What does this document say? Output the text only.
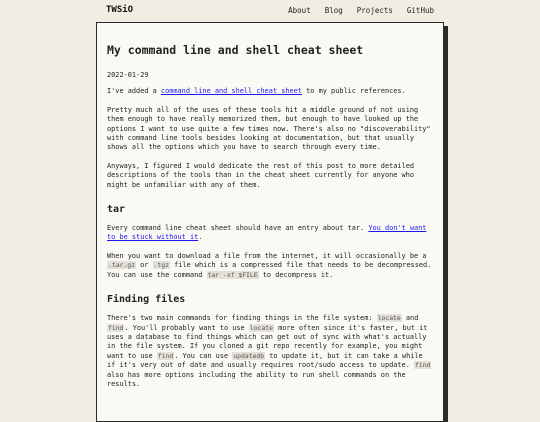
TWSiO	About Blog Projects GitHub
My command line and shell cheat sheet

2022-01-29

I've added a command line and shell cheat sheet to my public references.

Pretty much all of the uses of these tools hit a middle ground of not using them enough to have really memorized them, but enough to have looked up the options I want to use quite a few times now. There's also no "discoverability" with command line tools besides looking at documentation, but that usually shows all the options which you have to search through every time.

Anyways, I figured I would dedicate the rest of this post to more detailed descriptions of the tools than in the cheat sheet currently for anyone who might be unfamiliar with any of them.

tar

Every command line cheat sheet should have an entry about tar. You don't want to be stuck without it.

When you want to download a file from the internet, it will occasionally be a .tar.gz or .tgz file which is a compressed file that needs to be decompressed. You can use the command tar -xf $FILE to decompress it.

Finding files

There's two main commands for finding things in the file system: locate and find. You'll probably want to use locate more often since it's faster, but it uses a database to find things which can get out of sync with what's actually in the file system. If you cloned a git repo recently for example, you might want to use find. You can use updatedb to update it, but it can take a while if it's very out of date and usually requires root/sudo access to update. find also has more options including the ability to run shell commands on the results.
